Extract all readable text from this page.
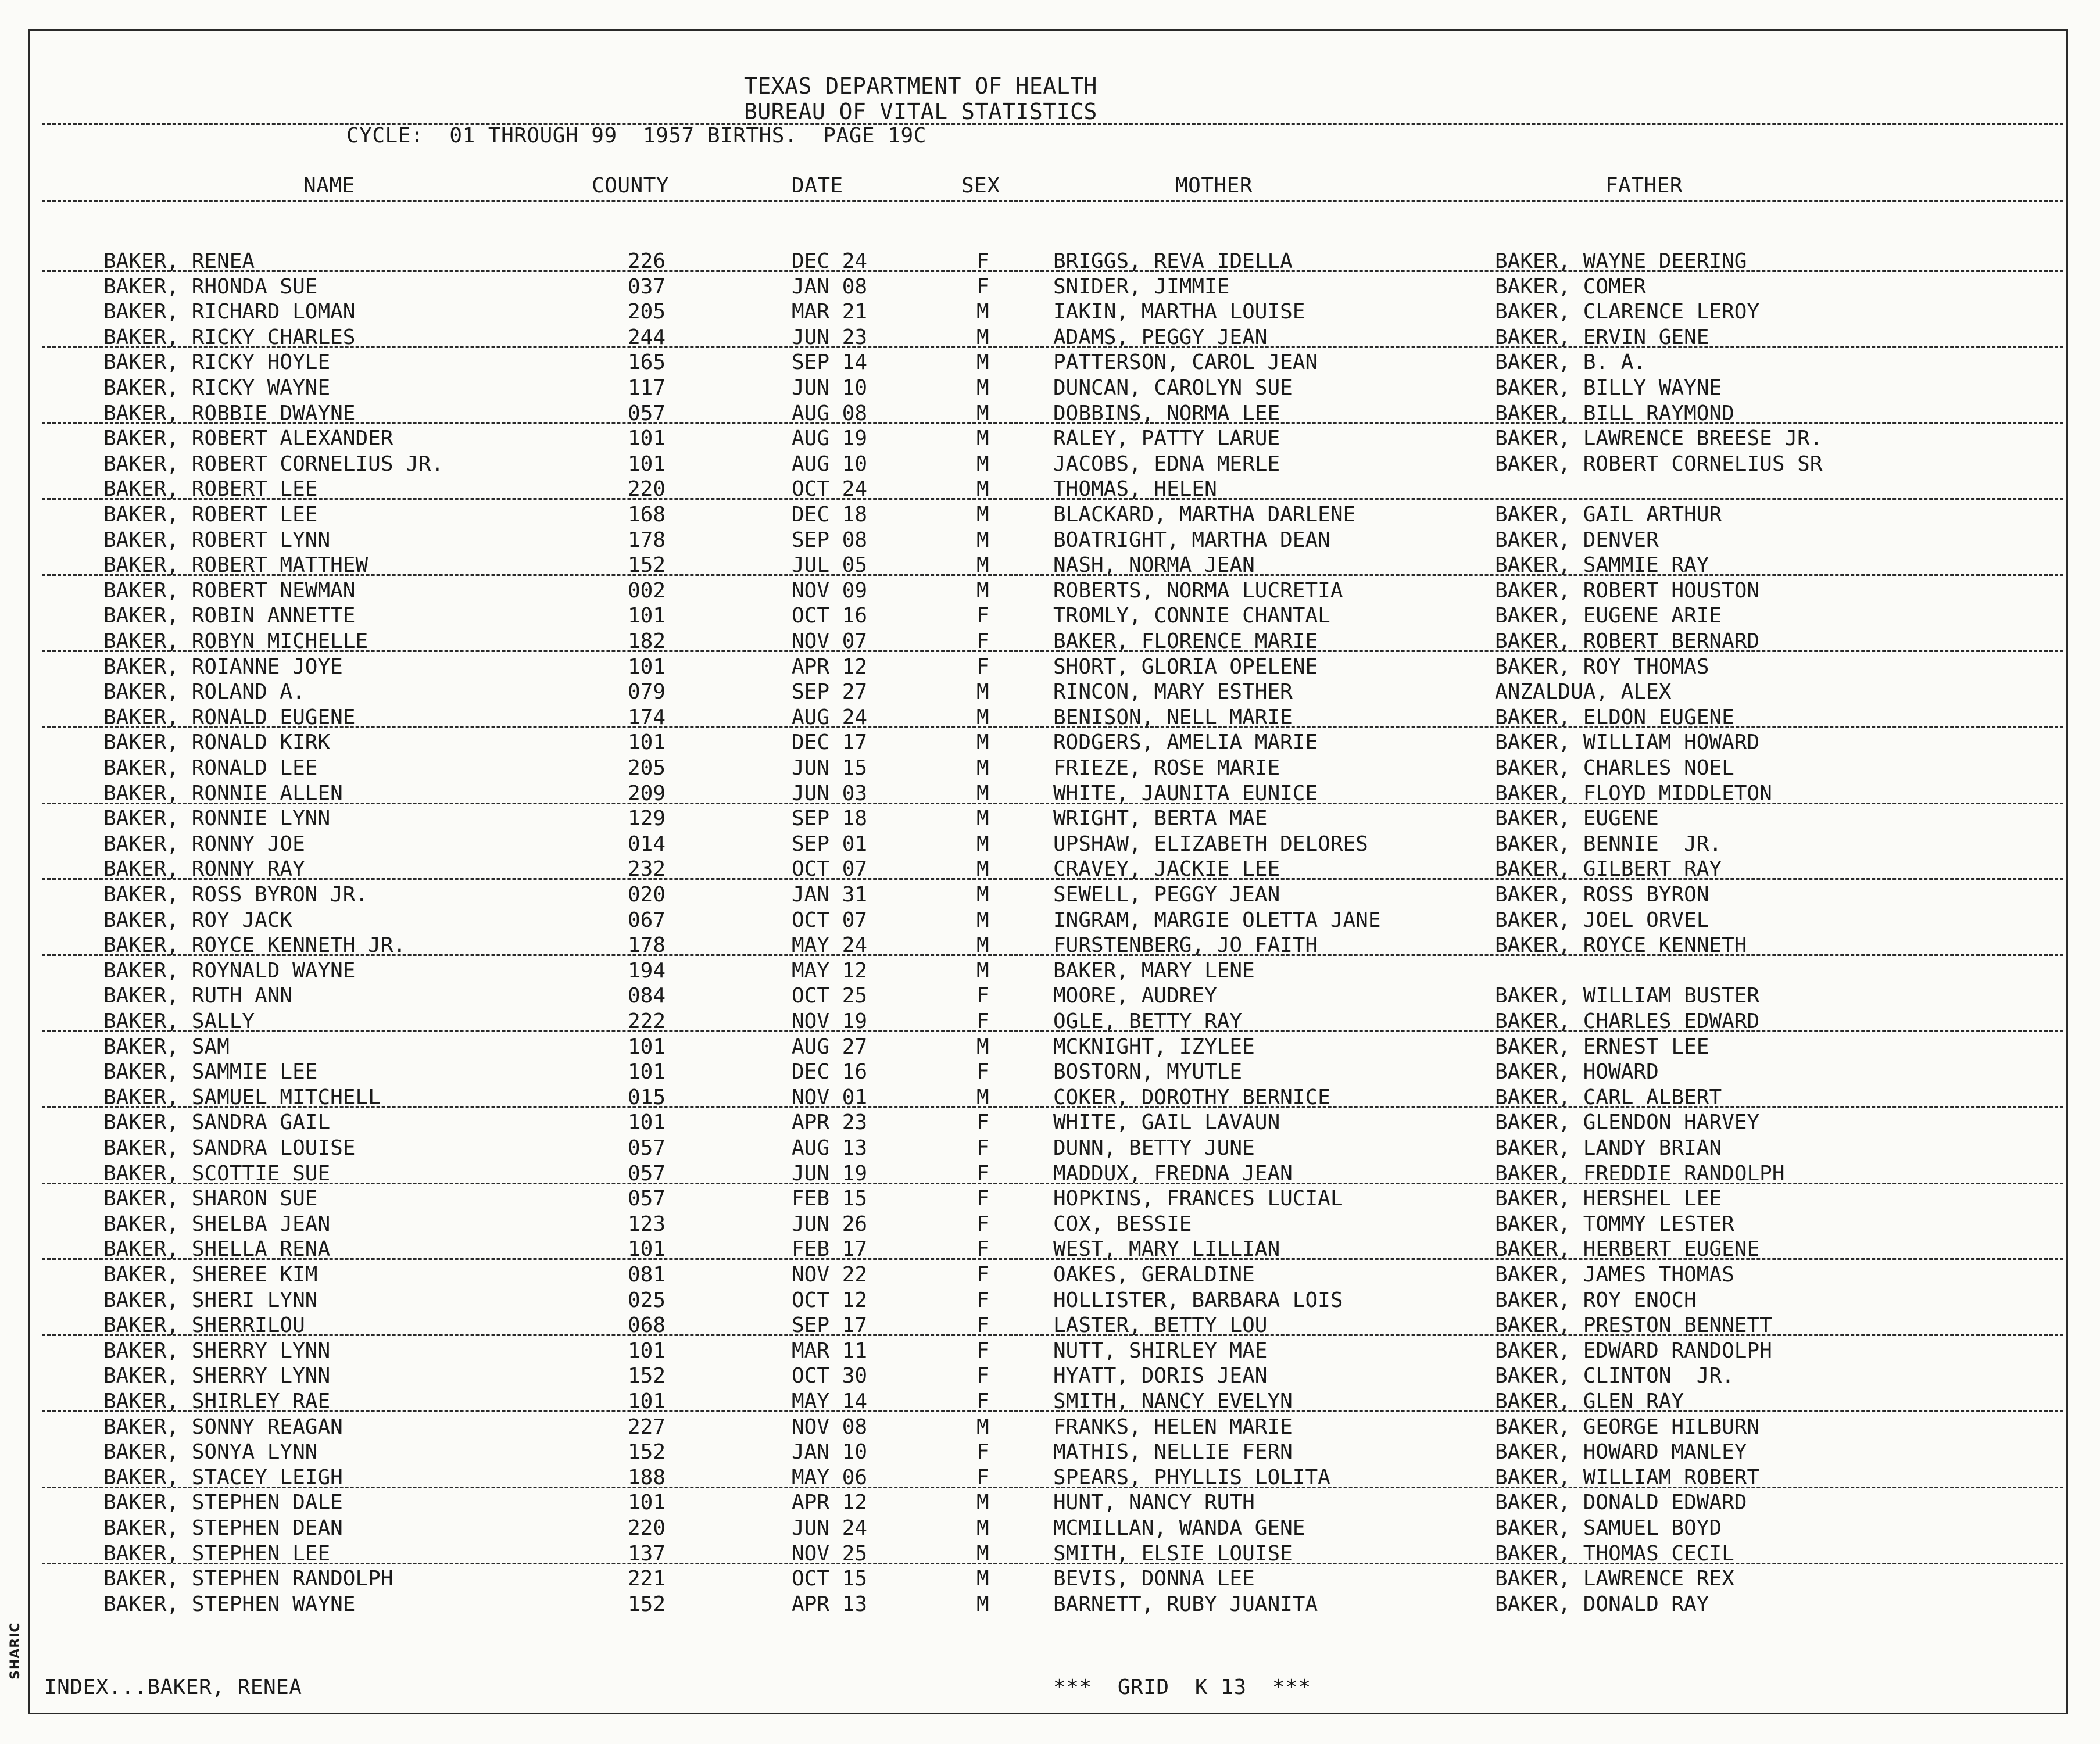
TEXAS DEPARTMENT OF HEALTH
BUREAU OF VITAL STATISTICS
CYCLE:  01 THROUGH 99  1957 BIRTHS.  PAGE 19C
NAME	COUNTY	DATE	SEX	MOTHER	FATHER
BAKER, RENEA	226	DEC 24	F	BRIGGS, REVA IDELLA	BAKER, WAYNE DEERING
BAKER, RHONDA SUE	037	JAN 08	F	SNIDER, JIMMIE	BAKER, COMER
BAKER, RICHARD LOMAN	205	MAR 21	M	IAKIN, MARTHA LOUISE	BAKER, CLARENCE LEROY
BAKER, RICKY CHARLES	244	JUN 23	M	ADAMS, PEGGY JEAN	BAKER, ERVIN GENE
BAKER, RICKY HOYLE	165	SEP 14	M	PATTERSON, CAROL JEAN	BAKER, B. A.
BAKER, RICKY WAYNE	117	JUN 10	M	DUNCAN, CAROLYN SUE	BAKER, BILLY WAYNE
BAKER, ROBBIE DWAYNE	057	AUG 08	M	DOBBINS, NORMA LEE	BAKER, BILL RAYMOND
BAKER, ROBERT ALEXANDER	101	AUG 19	M	RALEY, PATTY LARUE	BAKER, LAWRENCE BREESE JR.
BAKER, ROBERT CORNELIUS JR.	101	AUG 10	M	JACOBS, EDNA MERLE	BAKER, ROBERT CORNELIUS SR
BAKER, ROBERT LEE	220	OCT 24	M	THOMAS, HELEN
BAKER, ROBERT LEE	168	DEC 18	M	BLACKARD, MARTHA DARLENE	BAKER, GAIL ARTHUR
BAKER, ROBERT LYNN	178	SEP 08	M	BOATRIGHT, MARTHA DEAN	BAKER, DENVER
BAKER, ROBERT MATTHEW	152	JUL 05	M	NASH, NORMA JEAN	BAKER, SAMMIE RAY
BAKER, ROBERT NEWMAN	002	NOV 09	M	ROBERTS, NORMA LUCRETIA	BAKER, ROBERT HOUSTON
BAKER, ROBIN ANNETTE	101	OCT 16	F	TROMLY, CONNIE CHANTAL	BAKER, EUGENE ARIE
BAKER, ROBYN MICHELLE	182	NOV 07	F	BAKER, FLORENCE MARIE	BAKER, ROBERT BERNARD
BAKER, ROIANNE JOYE	101	APR 12	F	SHORT, GLORIA OPELENE	BAKER, ROY THOMAS
BAKER, ROLAND A.	079	SEP 27	M	RINCON, MARY ESTHER	ANZALDUA, ALEX
BAKER, RONALD EUGENE	174	AUG 24	M	BENISON, NELL MARIE	BAKER, ELDON EUGENE
BAKER, RONALD KIRK	101	DEC 17	M	RODGERS, AMELIA MARIE	BAKER, WILLIAM HOWARD
BAKER, RONALD LEE	205	JUN 15	M	FRIEZE, ROSE MARIE	BAKER, CHARLES NOEL
BAKER, RONNIE ALLEN	209	JUN 03	M	WHITE, JAUNITA EUNICE	BAKER, FLOYD MIDDLETON
BAKER, RONNIE LYNN	129	SEP 18	M	WRIGHT, BERTA MAE	BAKER, EUGENE
BAKER, RONNY JOE	014	SEP 01	M	UPSHAW, ELIZABETH DELORES	BAKER, BENNIE  JR.
BAKER, RONNY RAY	232	OCT 07	M	CRAVEY, JACKIE LEE	BAKER, GILBERT RAY
BAKER, ROSS BYRON JR.	020	JAN 31	M	SEWELL, PEGGY JEAN	BAKER, ROSS BYRON
BAKER, ROY JACK	067	OCT 07	M	INGRAM, MARGIE OLETTA JANE	BAKER, JOEL ORVEL
BAKER, ROYCE KENNETH JR.	178	MAY 24	M	FURSTENBERG, JO FAITH	BAKER, ROYCE KENNETH
BAKER, ROYNALD WAYNE	194	MAY 12	M	BAKER, MARY LENE
BAKER, RUTH ANN	084	OCT 25	F	MOORE, AUDREY	BAKER, WILLIAM BUSTER
BAKER, SALLY	222	NOV 19	F	OGLE, BETTY RAY	BAKER, CHARLES EDWARD
BAKER, SAM	101	AUG 27	M	MCKNIGHT, IZYLEE	BAKER, ERNEST LEE
BAKER, SAMMIE LEE	101	DEC 16	F	BOSTORN, MYUTLE	BAKER, HOWARD
BAKER, SAMUEL MITCHELL	015	NOV 01	M	COKER, DOROTHY BERNICE	BAKER, CARL ALBERT
BAKER, SANDRA GAIL	101	APR 23	F	WHITE, GAIL LAVAUN	BAKER, GLENDON HARVEY
BAKER, SANDRA LOUISE	057	AUG 13	F	DUNN, BETTY JUNE	BAKER, LANDY BRIAN
BAKER, SCOTTIE SUE	057	JUN 19	F	MADDUX, FREDNA JEAN	BAKER, FREDDIE RANDOLPH
BAKER, SHARON SUE	057	FEB 15	F	HOPKINS, FRANCES LUCIAL	BAKER, HERSHEL LEE
BAKER, SHELBA JEAN	123	JUN 26	F	COX, BESSIE	BAKER, TOMMY LESTER
BAKER, SHELLA RENA	101	FEB 17	F	WEST, MARY LILLIAN	BAKER, HERBERT EUGENE
BAKER, SHEREE KIM	081	NOV 22	F	OAKES, GERALDINE	BAKER, JAMES THOMAS
BAKER, SHERI LYNN	025	OCT 12	F	HOLLISTER, BARBARA LOIS	BAKER, ROY ENOCH
BAKER, SHERRILOU	068	SEP 17	F	LASTER, BETTY LOU	BAKER, PRESTON BENNETT
BAKER, SHERRY LYNN	101	MAR 11	F	NUTT, SHIRLEY MAE	BAKER, EDWARD RANDOLPH
BAKER, SHERRY LYNN	152	OCT 30	F	HYATT, DORIS JEAN	BAKER, CLINTON  JR.
BAKER, SHIRLEY RAE	101	MAY 14	F	SMITH, NANCY EVELYN	BAKER, GLEN RAY
BAKER, SONNY REAGAN	227	NOV 08	M	FRANKS, HELEN MARIE	BAKER, GEORGE HILBURN
BAKER, SONYA LYNN	152	JAN 10	F	MATHIS, NELLIE FERN	BAKER, HOWARD MANLEY
BAKER, STACEY LEIGH	188	MAY 06	F	SPEARS, PHYLLIS LOLITA	BAKER, WILLIAM ROBERT
BAKER, STEPHEN DALE	101	APR 12	M	HUNT, NANCY RUTH	BAKER, DONALD EDWARD
BAKER, STEPHEN DEAN	220	JUN 24	M	MCMILLAN, WANDA GENE	BAKER, SAMUEL BOYD
BAKER, STEPHEN LEE	137	NOV 25	M	SMITH, ELSIE LOUISE	BAKER, THOMAS CECIL
BAKER, STEPHEN RANDOLPH	221	OCT 15	M	BEVIS, DONNA LEE	BAKER, LAWRENCE REX
BAKER, STEPHEN WAYNE	152	APR 13	M	BARNETT, RUBY JUANITA	BAKER, DONALD RAY
INDEX...BAKER, RENEA	***  GRID  K 13  ***
SHARIC
